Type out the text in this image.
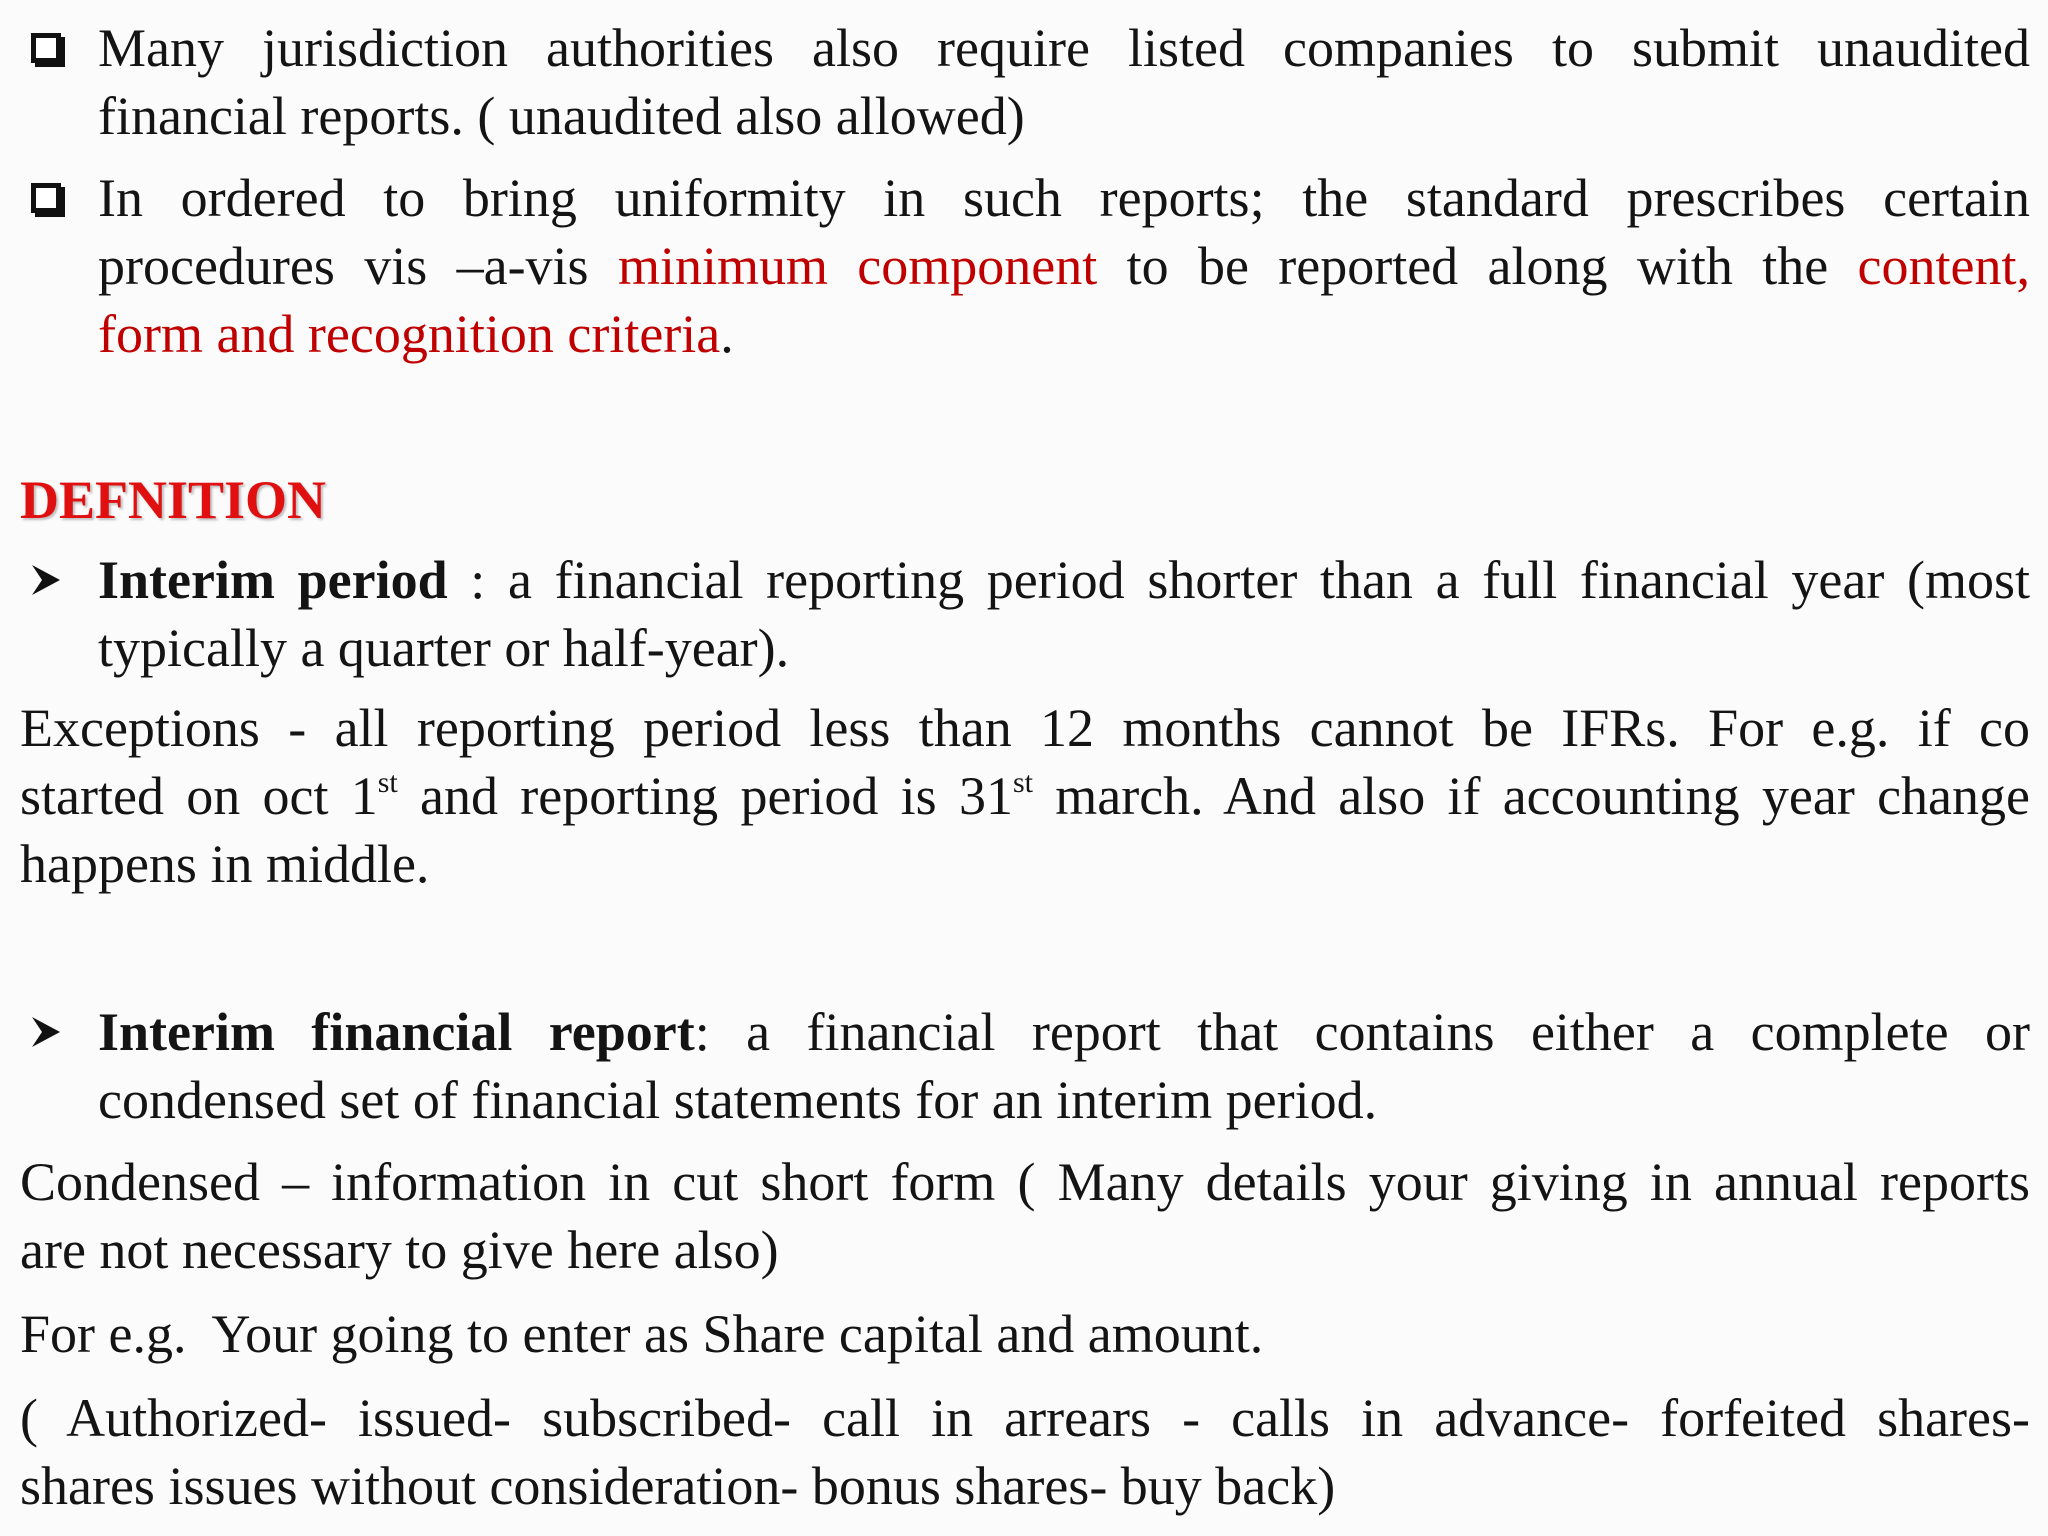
Many jurisdiction authorities also require listed companies to submit unaudited
financial reports. ( unaudited also allowed)
In ordered to bring uniformity in such reports; the standard prescribes certain
procedures vis –a-vis minimum component to be reported along with the content,
form and recognition criteria.
DEFNITION
Interim period : a financial reporting period shorter than a full financial year (most
typically a quarter or half-year).
Exceptions - all reporting period less than 12 months cannot be IFRs. For e.g. if co
started on oct 1st and reporting period is 31st march. And also if accounting year change
happens in middle.
Interim financial report: a financial report that contains either a complete or
condensed set of financial statements for an interim period.
Condensed – information in cut short form ( Many details your giving in annual reports
are not necessary to give here also)
For e.g.  Your going to enter as Share capital and amount.
( Authorized- issued- subscribed- call in arrears - calls in advance- forfeited shares-
shares issues without consideration- bonus shares- buy back)
